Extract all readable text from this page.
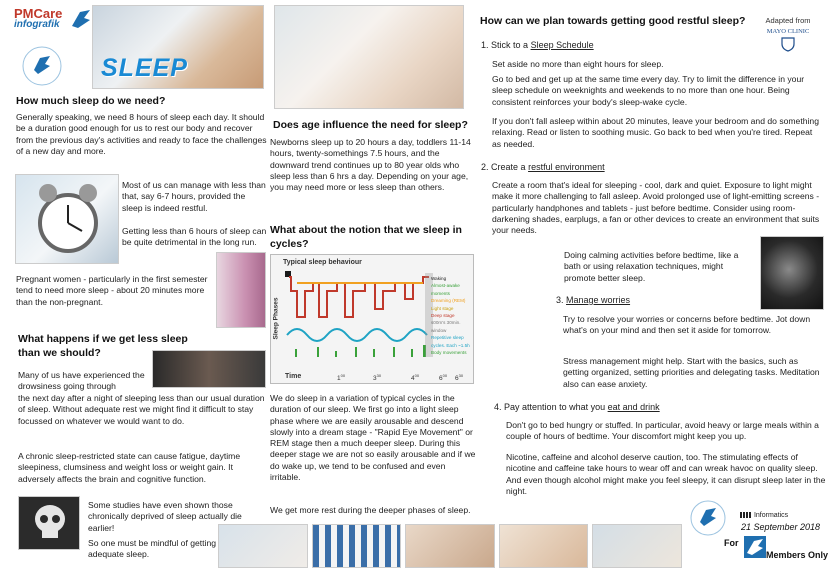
PMCare
infografik
SLEEP
How much sleep do we need?
Generally speaking, we need 8 hours of sleep each day. It should be a duration good enough for us to rest our body and recover from the previous day's activities and ready to face the challenges of a new day and more.
Most of us can manage with less than that, say 6-7 hours, provided the sleep is indeed restful.
Getting less than 6 hours of sleep can be quite detrimental in the long run.
Pregnant women - particularly in the first semester tend to need more sleep - about 20 minutes more than the non-pregnant.
What happens if we get less sleep than we should?
Many of us have experienced the drowsiness going through
the next day after a night of sleeping less than our usual duration of sleep. Without adequate rest we might find it difficult to stay focussed on whatever we would want to do.
A chronic sleep-restricted state can cause fatigue, daytime sleepiness, clumsiness and weight loss or weight gain. It adversely affects the brain and cognitive function.
Some studies have even shown those chronically deprived of sleep actually die earlier!
So one must be mindful of getting adequate sleep.
Does age influence the need for sleep?
Newborns sleep up to 20 hours a day, toddlers 11-14 hours, twenty-somethings 7.5 hours, and the downward trend continues up to 80 year olds who sleep less than 6 hrs a day. Depending on your age, you may need more or less sleep than others.
What about the notion that we sleep in cycles?
Typical sleep behaviour
Sleep Phases
Waking
Almost-awake moments
Dreaming (REM)
Light stage
Deep stage
s00m's 30min. window
Repetitive sleep cycles. Each ~1.5h
Body movements
Time	$1^{00}$	$3^{30}$	$4^{00}$	$6^{00}$ $6^{30}$
We do sleep in a variation of typical cycles in the duration of our sleep. We first go into a light sleep phase where we are easily arousable and descend slowly into a dream stage - "Rapid Eye Movement" or REM stage then a much deeper sleep. During this deeper stage we are not so easily arousable and if we do wake up, we tend to be confused and even irritable.
We get more rest during the deeper phases of sleep.
How can we plan towards getting good restful sleep?	Adapted from
MAYO CLINIC
1. Stick to a Sleep Schedule
Set aside no more than eight hours for sleep.
Go to bed and get up at the same time every day. Try to limit the difference in your sleep schedule on weeknights and weekends to no more than one hour. Being consistent reinforces your body's sleep-wake cycle.
If you don't fall asleep within about 20 minutes, leave your bedroom and do something relaxing. Read or listen to soothing music. Go back to bed when you're tired. Repeat as needed.
2. Create a restful environment
Create a room that's ideal for sleeping - cool, dark and quiet. Exposure to light might make it more challenging to fall asleep. Avoid prolonged use of light-emitting screens - particularly handphones and tablets - just before bedtime. Consider using room-darkening shades, earplugs, a fan or other devices to create an environment that suits your needs.
Doing calming activities before bedtime, like a bath or using relaxation techniques, might promote better sleep.
3. Manage worries
Try to resolve your worries or concerns before bedtime. Jot down what's on your mind and then set it aside for tomorrow.
Stress management might help. Start with the basics, such as getting organized, setting priorities and delegating tasks. Meditation also can ease anxiety.
4. Pay attention to what you eat and drink
Don't go to bed hungry or stuffed. In particular, avoid heavy or large meals within a couple of hours of bedtime. Your discomfort might keep you up.
Nicotine, caffeine and alcohol deserve caution, too. The stimulating effects of nicotine and caffeine take hours to wear off and can wreak havoc on quality sleep. And even though alcohol might make you feel sleepy, it can disrupt sleep later in the night.
Informatics
21 September 2018
For
Members Only
